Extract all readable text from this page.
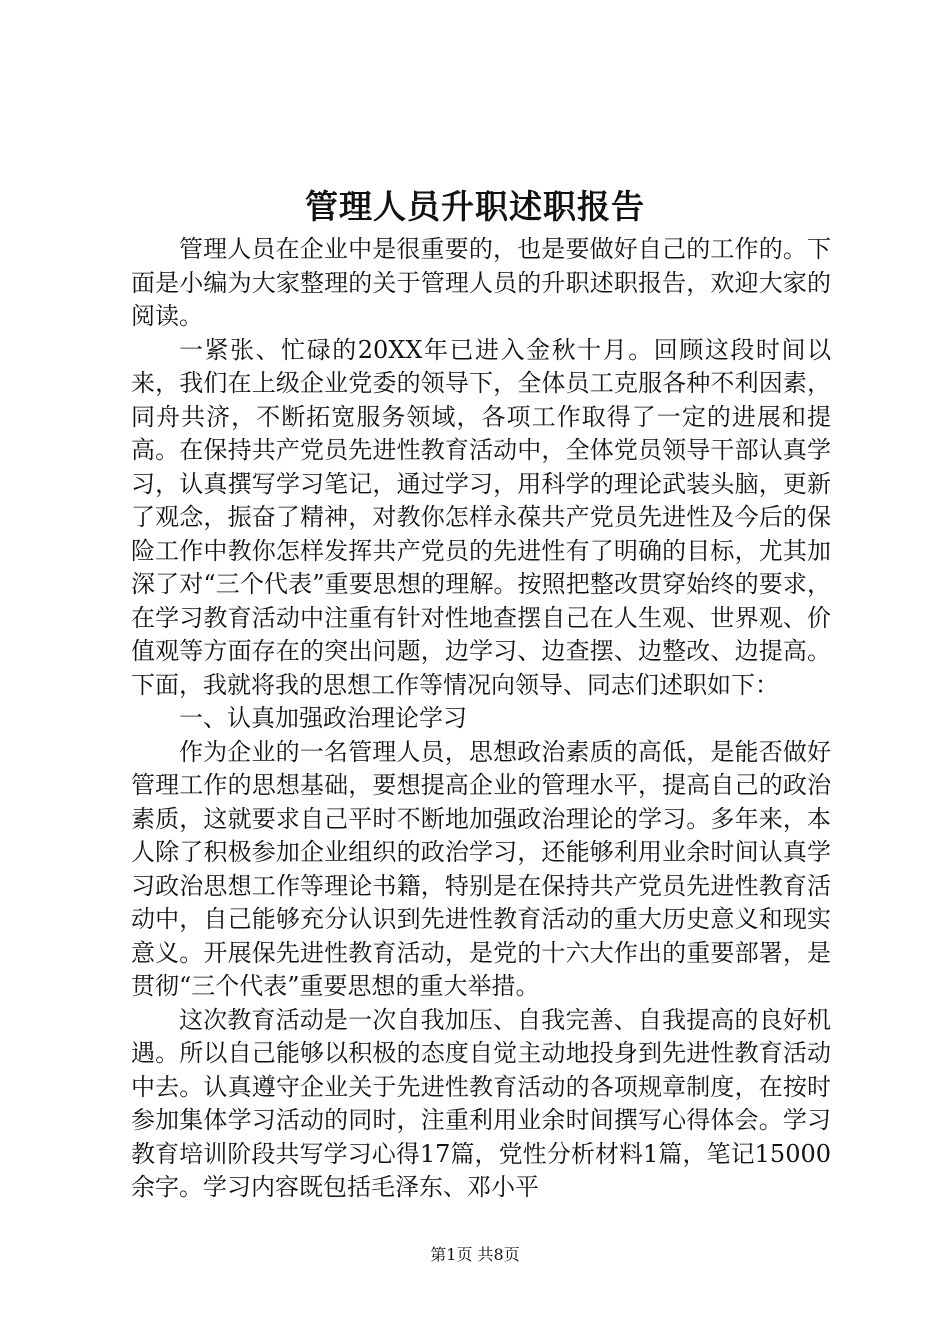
管理人员升职述职报告

管理人员在企业中是很重要的，也是要做好自己的工作的。下面是小编为大家整理的关于管理人员的升职述职报告，欢迎大家的阅读。

一紧张、忙碌的20XX年已进入金秋十月。回顾这段时间以来，我们在上级企业党委的领导下，全体员工克服各种不利因素，同舟共济，不断拓宽服务领域，各项工作取得了一定的进展和提高。在保持共产党员先进性教育活动中，全体党员领导干部认真学习，认真撰写学习笔记，通过学习，用科学的理论武装头脑，更新了观念，振奋了精神，对教你怎样永葆共产党员先进性及今后的保险工作中教你怎样发挥共产党员的先进性有了明确的目标，尤其加深了对“三个代表”重要思想的理解。按照把整改贯穿始终的要求，在学习教育活动中注重有针对性地查摆自己在人生观、世界观、价值观等方面存在的突出问题，边学习、边查摆、边整改、边提高。下面，我就将我的思想工作等情况向领导、同志们述职如下：

一、认真加强政治理论学习

作为企业的一名管理人员，思想政治素质的高低，是能否做好管理工作的思想基础，要想提高企业的管理水平，提高自己的政治素质，这就要求自己平时不断地加强政治理论的学习。多年来，本人除了积极参加企业组织的政治学习，还能够利用业余时间认真学习政治思想工作等理论书籍，特别是在保持共产党员先进性教育活动中，自己能够充分认识到先进性教育活动的重大历史意义和现实意义。开展保先进性教育活动，是党的十六大作出的重要部署，是贯彻“三个代表”重要思想的重大举措。

这次教育活动是一次自我加压、自我完善、自我提高的良好机遇。所以自己能够以积极的态度自觉主动地投身到先进性教育活动中去。认真遵守企业关于先进性教育活动的各项规章制度，在按时参加集体学习活动的同时，注重利用业余时间撰写心得体会。学习教育培训阶段共写学习心得17篇，党性分析材料1篇，笔记15000余字。学习内容既包括毛泽东、邓小平

第1页 共8页
